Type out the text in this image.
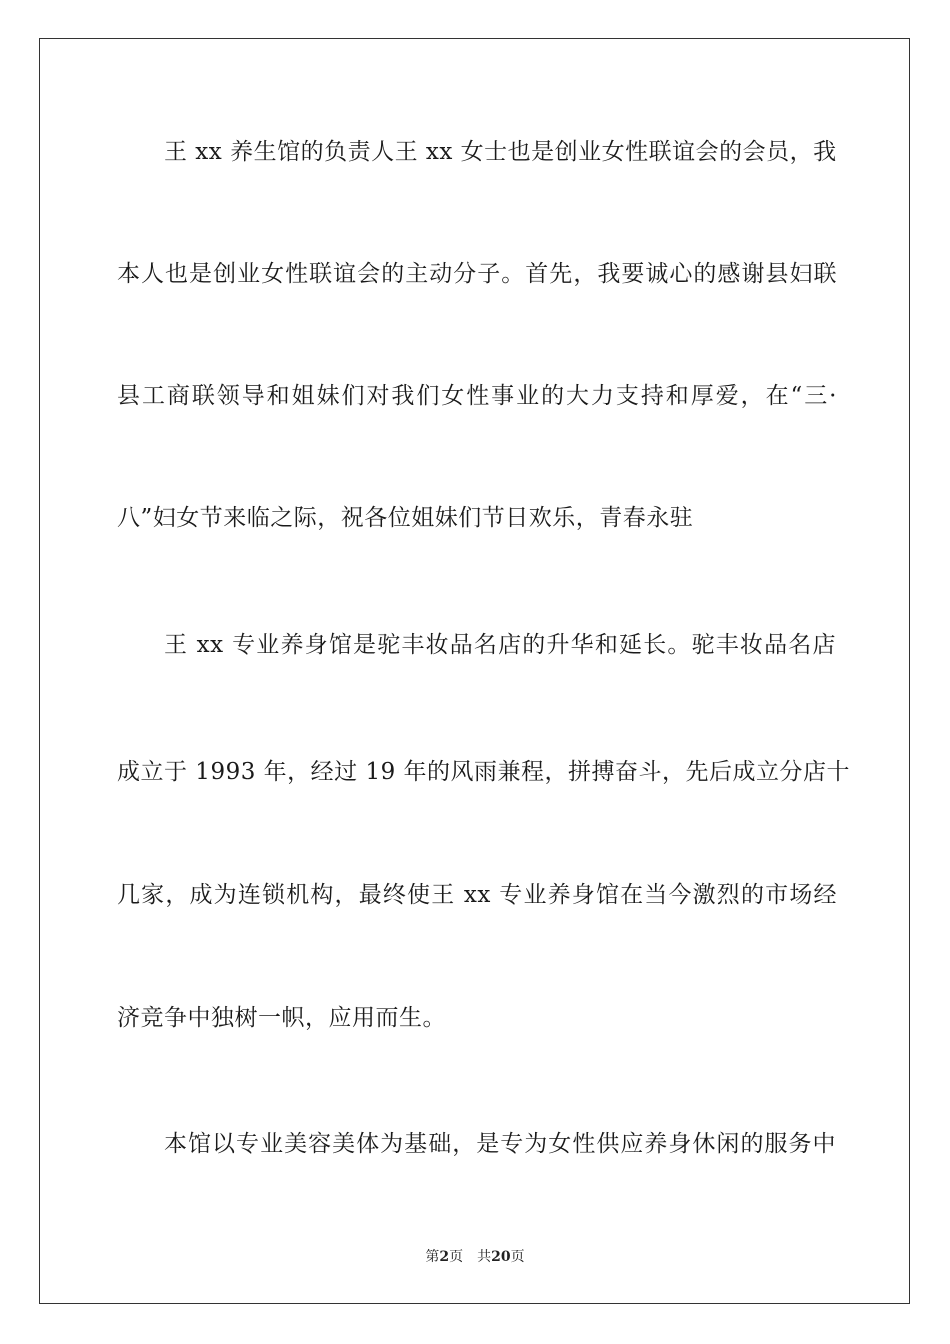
王 xx 养生馆的负责人王 xx 女士也是创业女性联谊会的会员，我
本人也是创业女性联谊会的主动分子。首先，我要诚心的感谢县妇联
县工商联领导和姐妹们对我们女性事业的大力支持和厚爱，在“三·
八”妇女节来临之际，祝各位姐妹们节日欢乐，青春永驻
王 xx 专业养身馆是驼丰妆品名店的升华和延长。驼丰妆品名店
成立于 1993 年，经过 19 年的风雨兼程，拼搏奋斗，先后成立分店十
几家，成为连锁机构，最终使王 xx 专业养身馆在当今激烈的市场经
济竞争中独树一帜，应用而生。
本馆以专业美容美体为基础，是专为女性供应养身休闲的服务中
第2页 共20页
